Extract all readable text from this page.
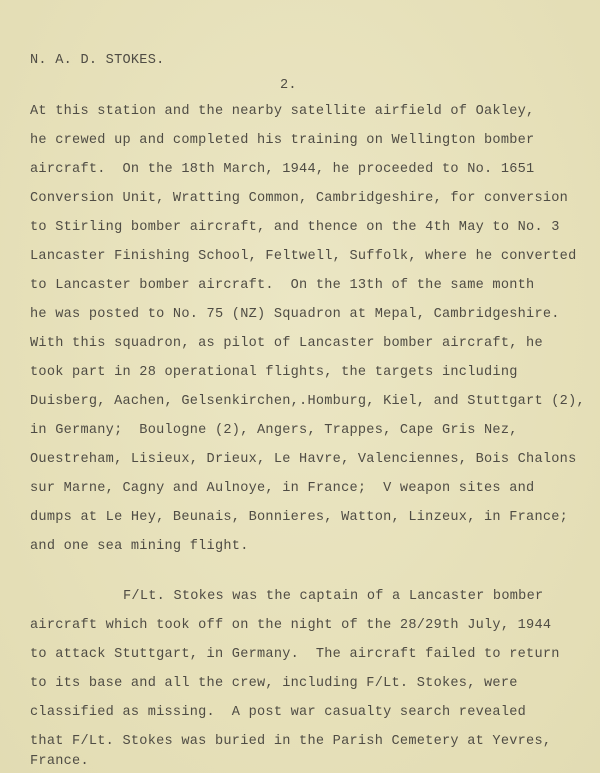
N. A. D. STOKES.
2.
At this station and the nearby satellite airfield of Oakley,
he crewed up and completed his training on Wellington bomber
aircraft.  On the 18th March, 1944, he proceeded to No. 1651
Conversion Unit, Wratting Common, Cambridgeshire, for conversion
to Stirling bomber aircraft, and thence on the 4th May to No. 3
Lancaster Finishing School, Feltwell, Suffolk, where he converted
to Lancaster bomber aircraft.  On the 13th of the same month
he was posted to No. 75 (NZ) Squadron at Mepal, Cambridgeshire.
With this squadron, as pilot of Lancaster bomber aircraft, he
took part in 28 operational flights, the targets including
Duisberg, Aachen, Gelsenkirchen,.Homburg, Kiel, and Stuttgart (2),
in Germany;  Boulogne (2), Angers, Trappes, Cape Gris Nez,
Ouestreham, Lisieux, Drieux, Le Havre, Valenciennes, Bois Chalons
sur Marne, Cagny and Aulnoye, in France;  V weapon sites and
dumps at Le Hey, Beunais, Bonnieres, Watton, Linzeux, in France;
and one sea mining flight.
F/Lt. Stokes was the captain of a Lancaster bomber
aircraft which took off on the night of the 28/29th July, 1944
to attack Stuttgart, in Germany.  The aircraft failed to return
to its base and all the crew, including F/Lt. Stokes, were
classified as missing.  A post war casualty search revealed
that F/Lt. Stokes was buried in the Parish Cemetery at Yevres,
France.
